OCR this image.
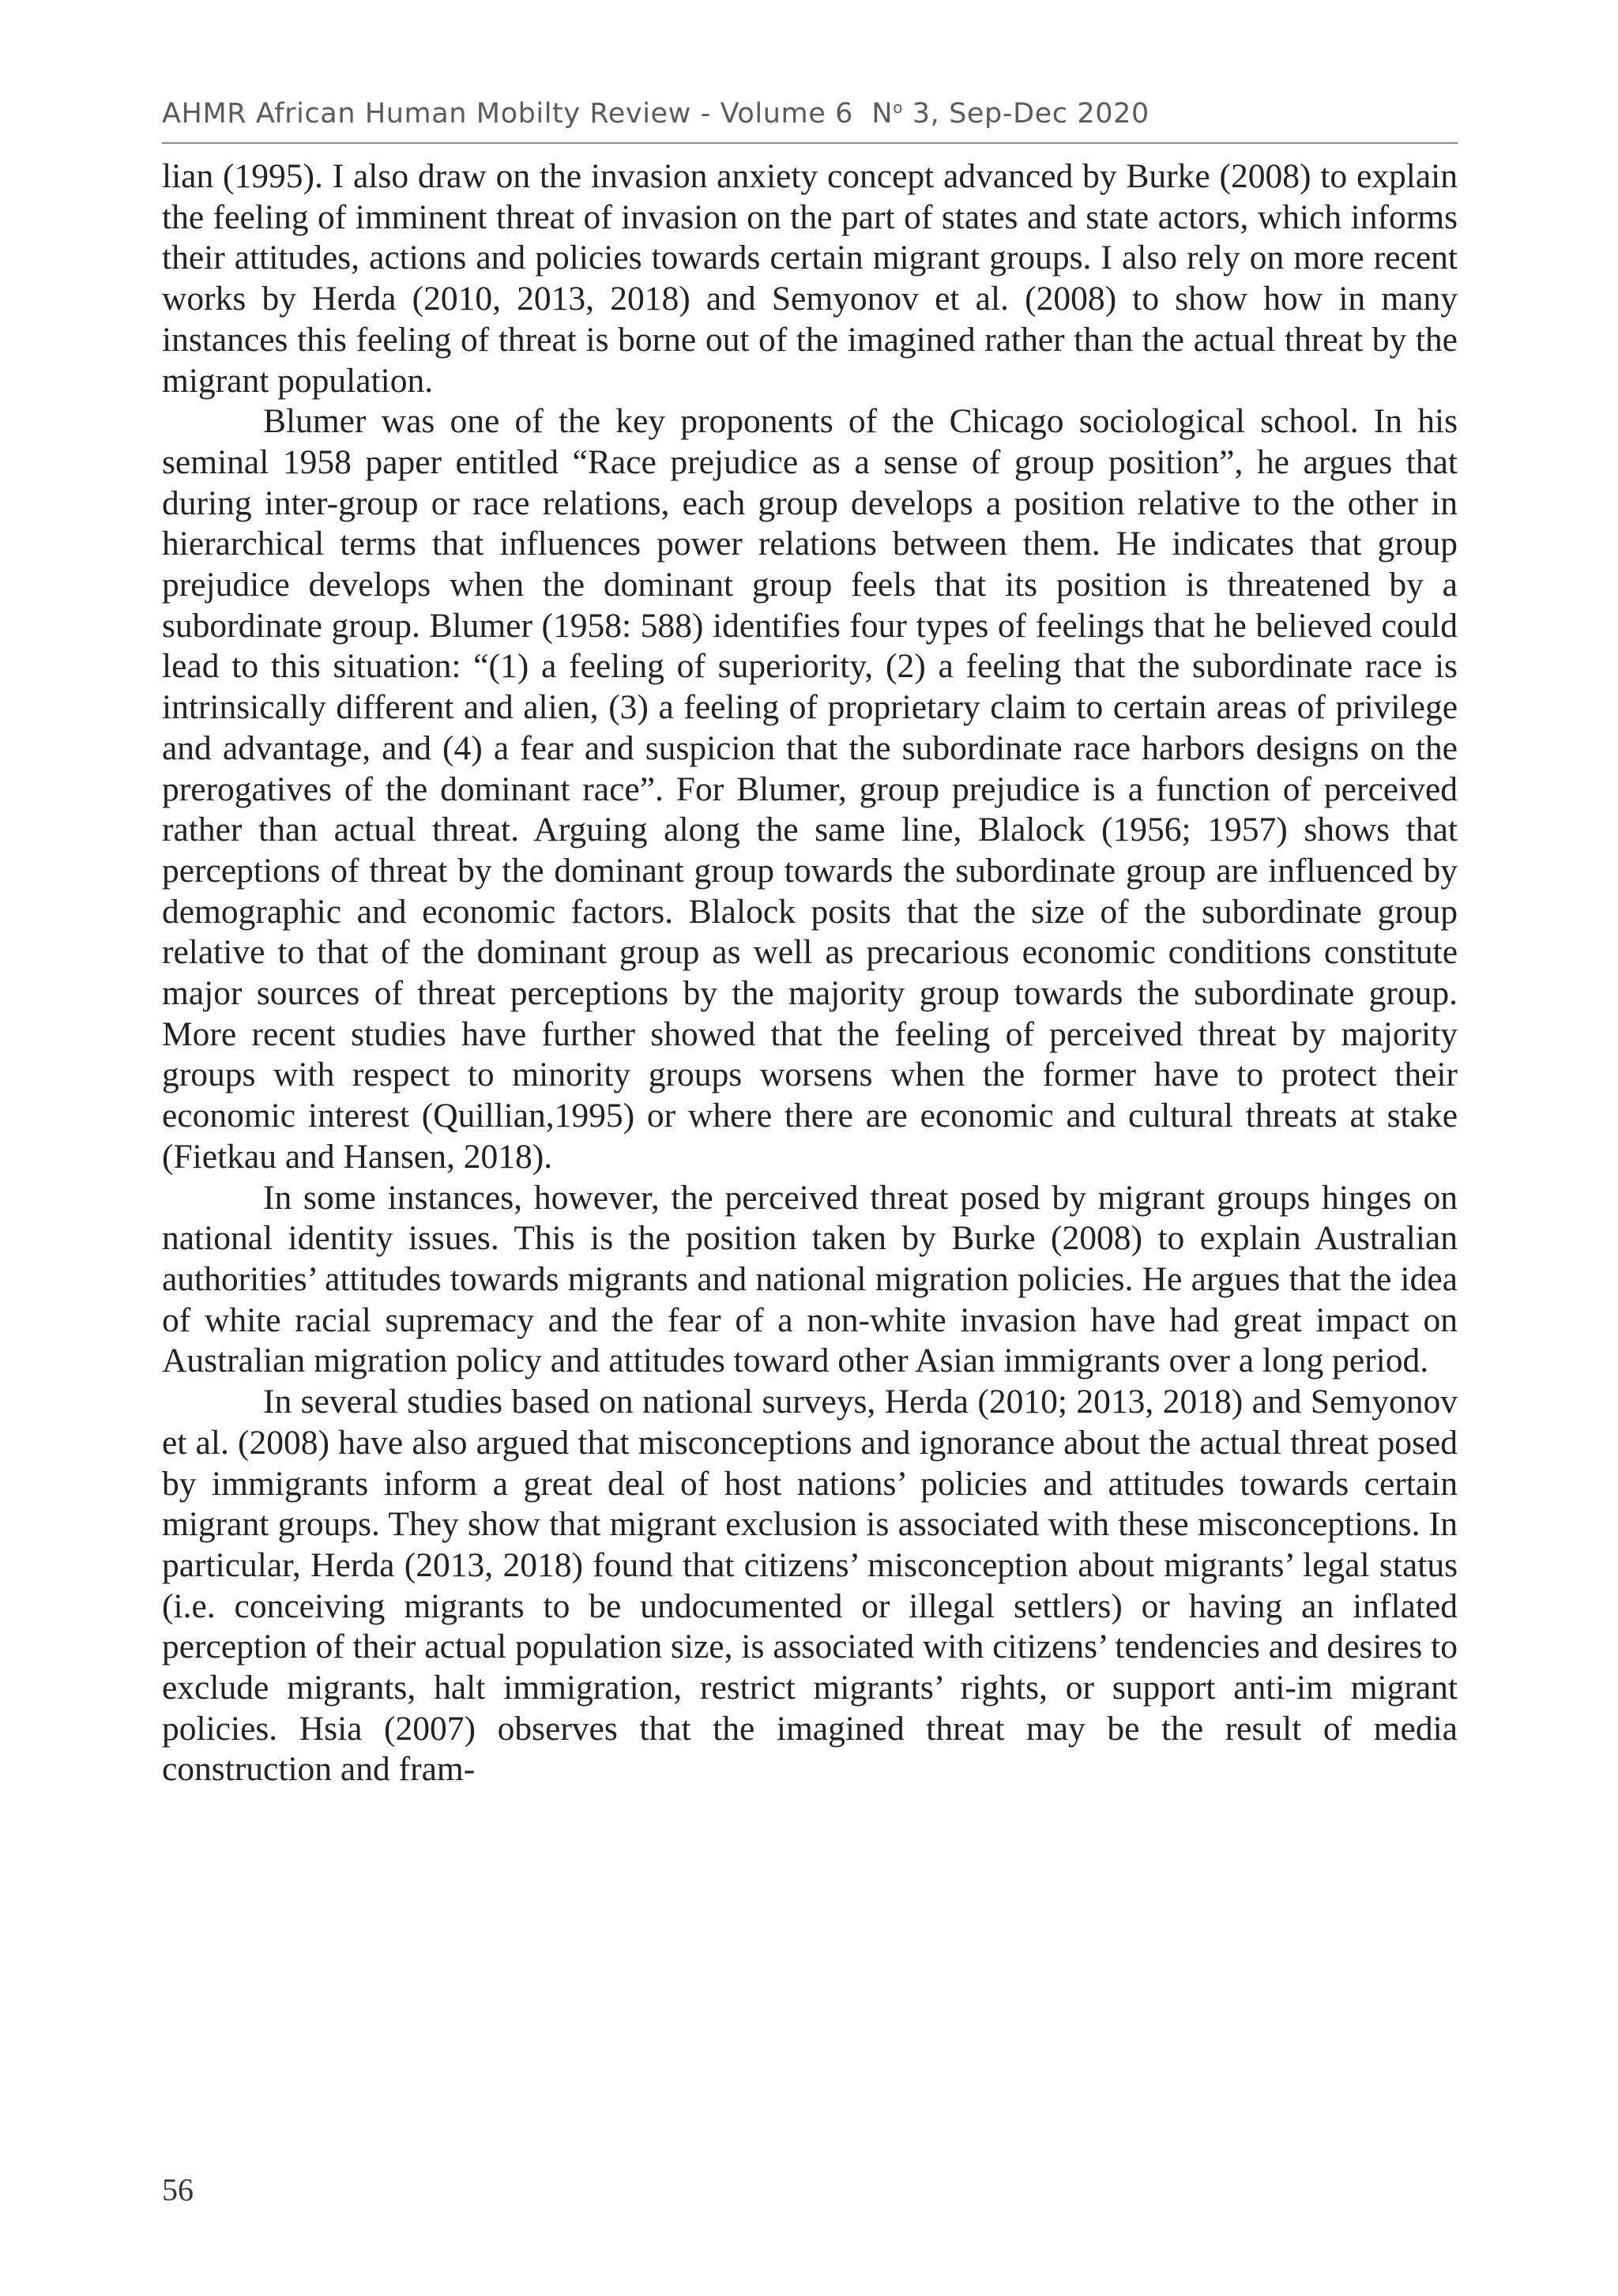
AHMR African Human Mobilty Review - Volume 6 $N^o$ 3, Sep-Dec 2020

lian (1995). I also draw on the invasion anxiety concept advanced by Burke (2008) to explain the feeling of imminent threat of invasion on the part of states and state actors, which informs their attitudes, actions and policies towards certain migrant groups. I also rely on more recent works by Herda (2010, 2013, 2018) and Semyonov et al. (2008) to show how in many instances this feeling of threat is borne out of the imagined rather than the actual threat by the migrant population.

Blumer was one of the key proponents of the Chicago sociological school. In his seminal 1958 paper entitled “Race prejudice as a sense of group position”, he argues that during inter-group or race relations, each group develops a position relative to the other in hierarchical terms that influences power relations between them. He indicates that group prejudice develops when the dominant group feels that its position is threatened by a subordinate group. Blumer (1958: 588) identifies four types of feelings that he believed could lead to this situation: “(1) a feeling of superiority, (2) a feeling that the subordinate race is intrinsically different and alien, (3) a feeling of proprietary claim to certain areas of privilege and advantage, and (4) a fear and suspicion that the subordinate race harbors designs on the prerogatives of the dominant race”. For Blumer, group prejudice is a function of perceived rather than actual threat. Arguing along the same line, Blalock (1956; 1957) shows that perceptions of threat by the dominant group towards the subordinate group are influenced by demographic and economic factors. Blalock posits that the size of the subordinate group relative to that of the dominant group as well as precarious economic conditions constitute major sources of threat perceptions by the majority group towards the subordinate group. More recent studies have further showed that the feeling of perceived threat by majority groups with respect to minority groups worsens when the former have to protect their economic interest (Quillian,1995) or where there are economic and cultural threats at stake (Fietkau and Hansen, 2018).

In some instances, however, the perceived threat posed by migrant groups hinges on national identity issues. This is the position taken by Burke (2008) to explain Australian authorities’ attitudes towards migrants and national migration policies. He argues that the idea of white racial supremacy and the fear of a non-white invasion have had great impact on Australian migration policy and attitudes toward other Asian immigrants over a long period.

In several studies based on national surveys, Herda (2010; 2013, 2018) and Semyonov et al. (2008) have also argued that misconceptions and ignorance about the actual threat posed by immigrants inform a great deal of host nations’ policies and attitudes towards certain migrant groups. They show that migrant exclusion is associated with these misconceptions. In particular, Herda (2013, 2018) found that citizens’ misconception about migrants’ legal status (i.e. conceiving migrants to be undocumented or illegal settlers) or having an inflated perception of their actual population size, is associated with citizens’ tendencies and desires to exclude migrants, halt immigration, restrict migrants’ rights, or support anti-im migrant policies. Hsia (2007) observes that the imagined threat may be the result of media construction and fram-

56
